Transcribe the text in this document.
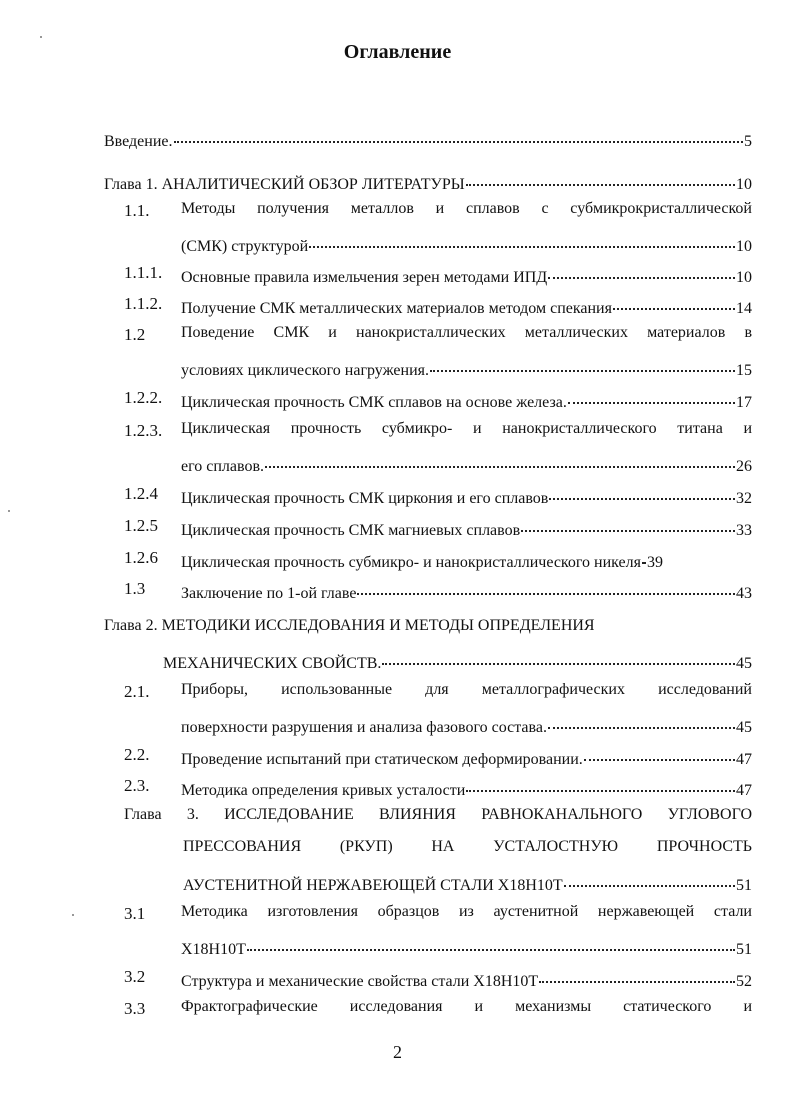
Оглавление
Введение.	5
Глава 1. АНАЛИТИЧЕСКИЙ ОБЗОР ЛИТЕРАТУРЫ	10
1.1. Методы получения металлов и сплавов с субмикрокристаллической
(СМК) структурой	10
1.1.1. Основные правила измельчения зерен методами ИПД	10
1.1.2. Получение СМК металлических материалов методом спекания	14
1.2 Поведение СМК и нанокристаллических металлических материалов в
условиях циклического нагружения.	15
1.2.2. Циклическая прочность СМК сплавов на основе железа.	17
1.2.3. Циклическая прочность субмикро- и нанокристаллического титана и
его сплавов.	26
1.2.4 Циклическая прочность СМК циркония и его сплавов	32
1.2.5 Циклическая прочность СМК магниевых сплавов	33
1.2.6 Циклическая прочность субмикро- и нанокристаллического никеля 39
1.3 Заключение по 1-ой главе	43
Глава 2. МЕТОДИКИ ИССЛЕДОВАНИЯ И МЕТОДЫ ОПРЕДЕЛЕНИЯ
МЕХАНИЧЕСКИХ СВОЙСТВ.	45
2.1. Приборы, использованные для металлографических исследований
поверхности разрушения и анализа фазового состава.	45
2.2. Проведение испытаний при статическом деформировании.	47
2.3. Методика определения кривых усталости	47
Глава 3. ИССЛЕДОВАНИЕ ВЛИЯНИЯ РАВНОКАНАЛЬНОГО УГЛОВОГО
ПРЕССОВАНИЯ (РКУП) НА УСТАЛОСТНУЮ ПРОЧНОСТЬ
АУСТЕНИТНОЙ НЕРЖАВЕЮЩЕЙ СТАЛИ Х18Н10Т	51
3.1 Методика изготовления образцов из аустенитной нержавеющей стали
Х18Н10Т	51
3.2 Структура и механические свойства стали Х18Н10Т	52
3.3 Фрактографические исследования и механизмы статического и
2
